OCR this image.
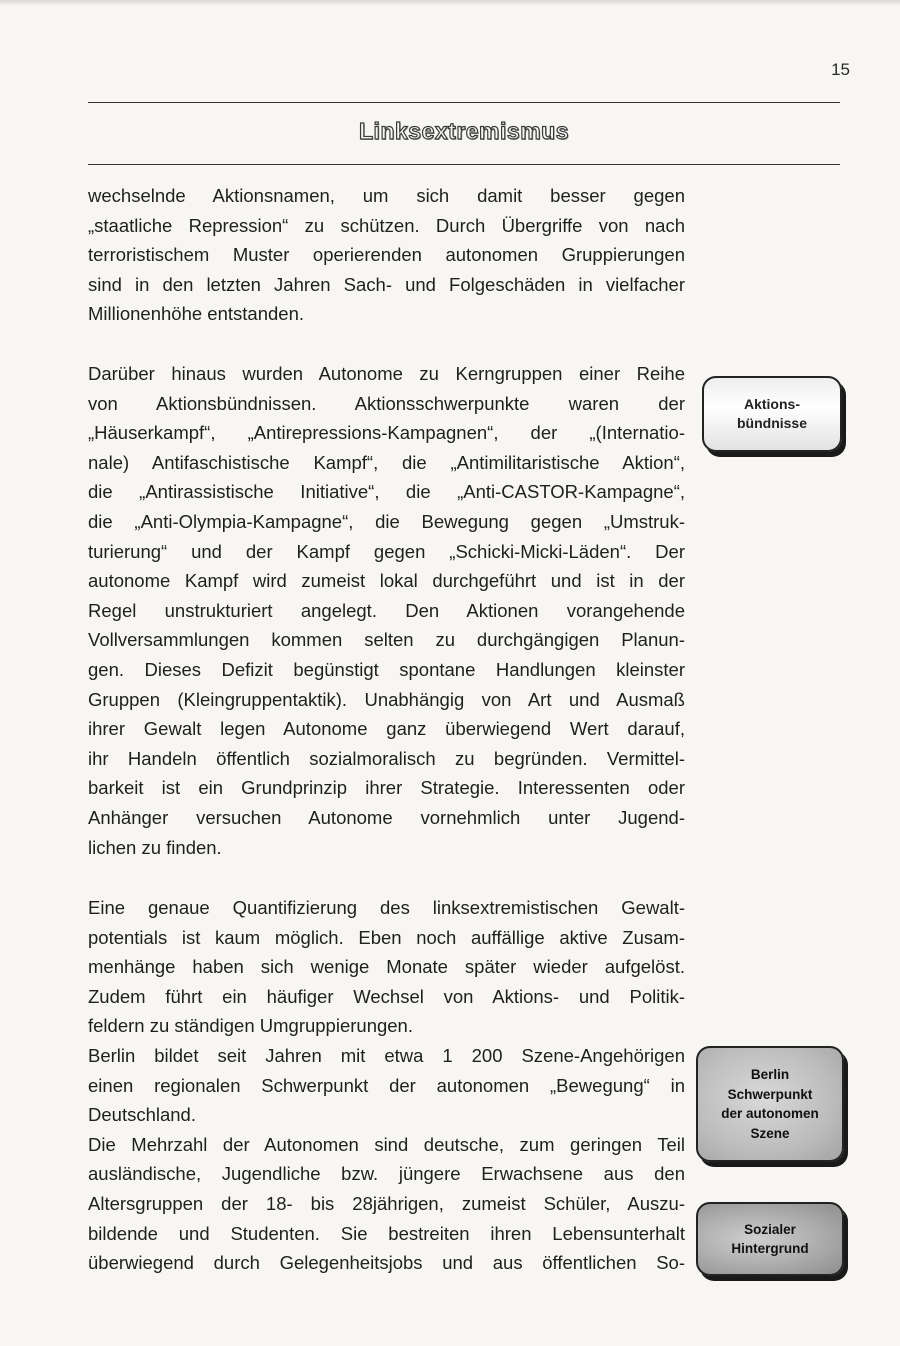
15
Linksextremismus
wechselnde Aktionsnamen, um sich damit besser gegen
„staatliche Repression“ zu schützen. Durch Übergriffe von nach
terroristischem Muster operierenden autonomen Gruppierungen
sind in den letzten Jahren Sach- und Folgeschäden in vielfacher
Millionenhöhe entstanden.
Darüber hinaus wurden Autonome zu Kerngruppen einer Reihe
von Aktionsbündnissen. Aktionsschwerpunkte waren der
„Häuserkampf“, „Antirepressions-Kampagnen“, der „(Internatio-
nale) Antifaschistische Kampf“, die „Antimilitaristische Aktion“,
die „Antirassistische Initiative“, die „Anti-CASTOR-Kampagne“,
die „Anti-Olympia-Kampagne“, die Bewegung gegen „Umstruk-
turierung“ und der Kampf gegen „Schicki-Micki-Läden“. Der
autonome Kampf wird zumeist lokal durchgeführt und ist in der
Regel unstrukturiert angelegt. Den Aktionen vorangehende
Vollversammlungen kommen selten zu durchgängigen Planun-
gen. Dieses Defizit begünstigt spontane Handlungen kleinster
Gruppen (Kleingruppentaktik). Unabhängig von Art und Ausmaß
ihrer Gewalt legen Autonome ganz überwiegend Wert darauf,
ihr Handeln öffentlich sozialmoralisch zu begründen. Vermittel-
barkeit ist ein Grundprinzip ihrer Strategie. Interessenten oder
Anhänger versuchen Autonome vornehmlich unter Jugend-
lichen zu finden.
Eine genaue Quantifizierung des linksextremistischen Gewalt-
potentials ist kaum möglich. Eben noch auffällige aktive Zusam-
menhänge haben sich wenige Monate später wieder aufgelöst.
Zudem führt ein häufiger Wechsel von Aktions- und Politik-
feldern zu ständigen Umgruppierungen.
Berlin bildet seit Jahren mit etwa 1 200 Szene-Angehörigen
einen regionalen Schwerpunkt der autonomen „Bewegung“ in
Deutschland.
Die Mehrzahl der Autonomen sind deutsche, zum geringen Teil
ausländische, Jugendliche bzw. jüngere Erwachsene aus den
Altersgruppen der 18- bis 28jährigen, zumeist Schüler, Auszu-
bildende und Studenten. Sie bestreiten ihren Lebensunterhalt
überwiegend durch Gelegenheitsjobs und aus öffentlichen So-
Aktions-
bündnisse
Berlin
Schwerpunkt
der autonomen
Szene
Sozialer
Hintergrund
